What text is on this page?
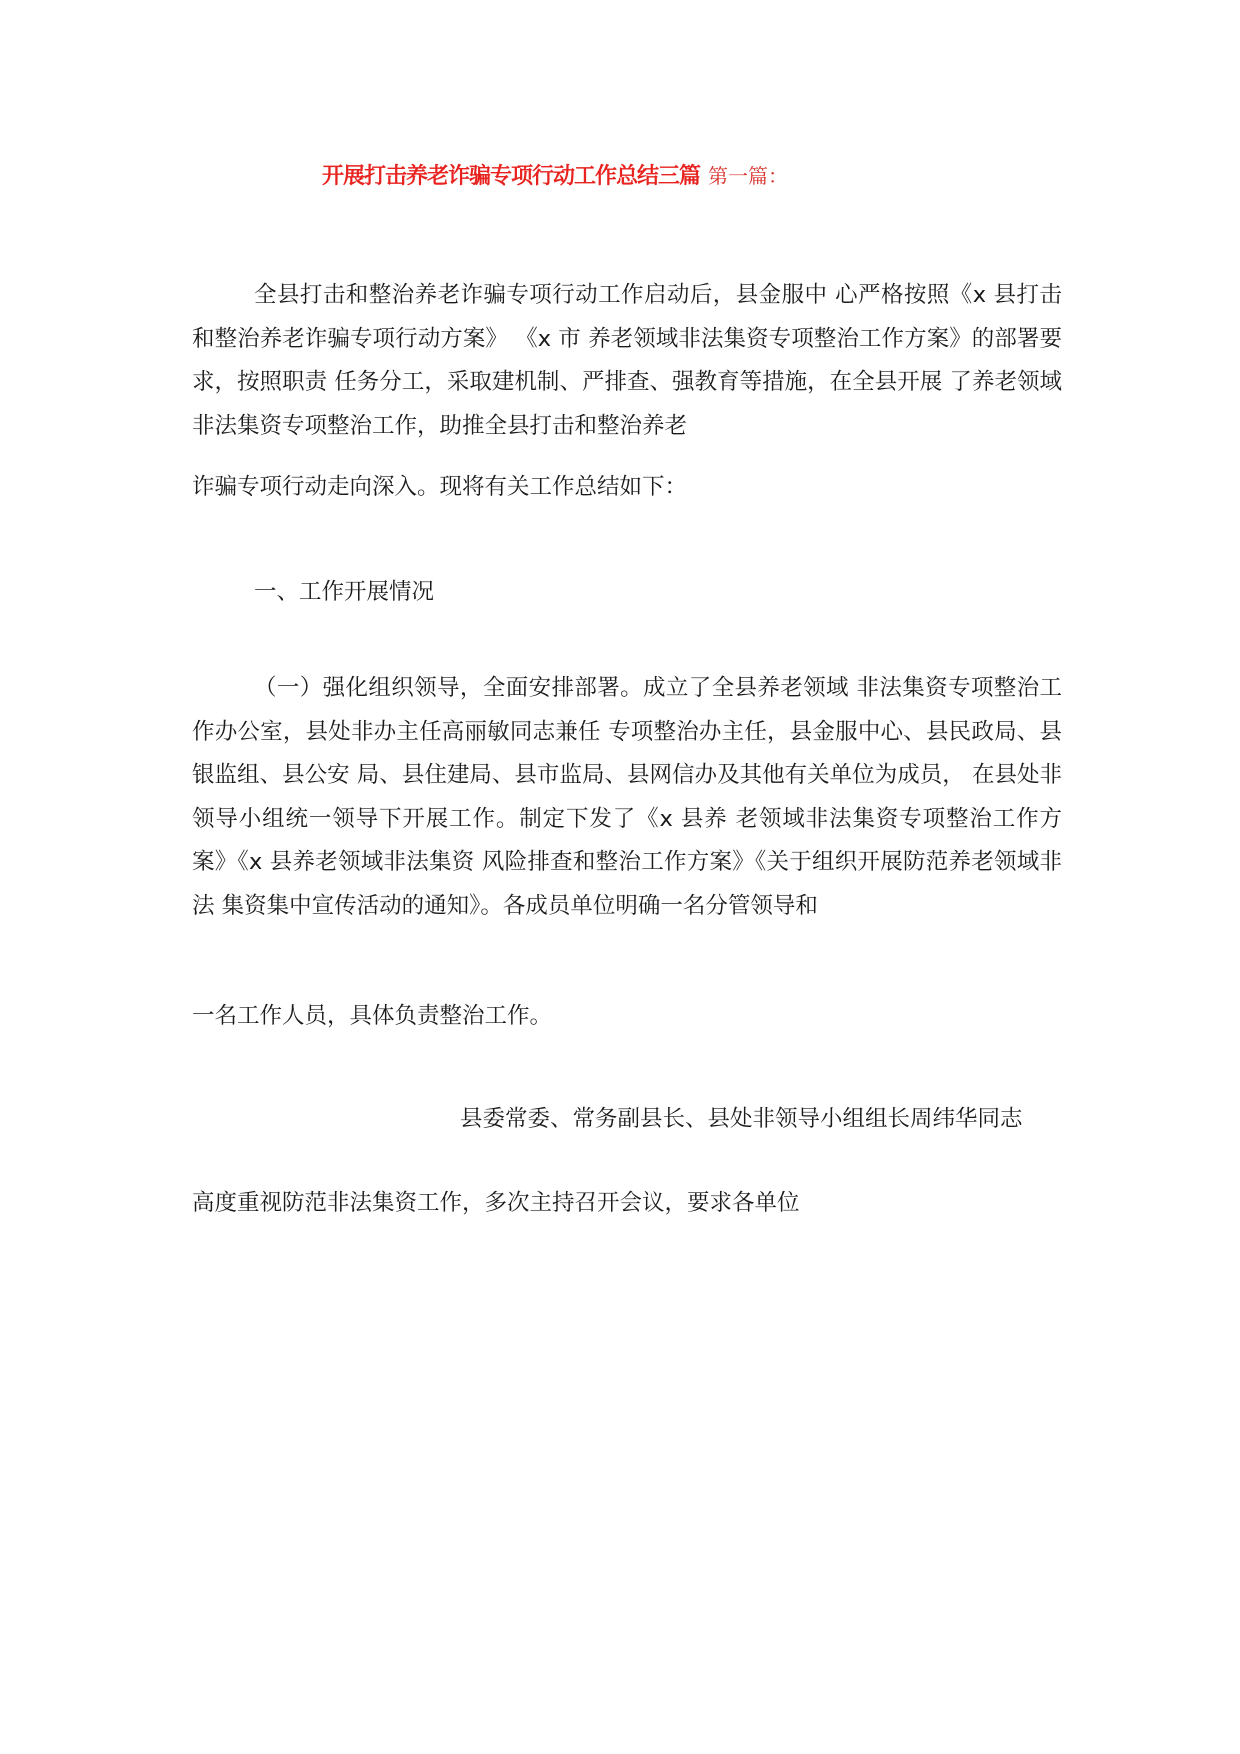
开展打击养老诈骗专项行动工作总结三篇 第一篇：

全县打击和整治养老诈骗专项行动工作启动后，县金服中 心严格按照《x 县打击和整治养老诈骗专项行动方案》 《x 市 养老领域非法集资专项整治工作方案》的部署要求，按照职责 任务分工，采取建机制、严排查、强教育等措施，在全县开展 了养老领域非法集资专项整治工作，助推全县打击和整治养老

诈骗专项行动走向深入。现将有关工作总结如下：

一、工作开展情况

（一）强化组织领导，全面安排部署。成立了全县养老领域 非法集资专项整治工作办公室，县处非办主任高丽敏同志兼任 专项整治办主任，县金服中心、县民政局、县银监组、县公安 局、县住建局、县市监局、县网信办及其他有关单位为成员， 在县处非领导小组统一领导下开展工作。制定下发了《x 县养 老领域非法集资专项整治工作方案》《x 县养老领域非法集资 风险排查和整治工作方案》《关于组织开展防范养老领域非法 集资集中宣传活动的通知》。各成员单位明确一名分管领导和

一名工作人员，具体负责整治工作。

县委常委、常务副县长、县处非领导小组组长周纬华同志

高度重视防范非法集资工作，多次主持召开会议，要求各单位
